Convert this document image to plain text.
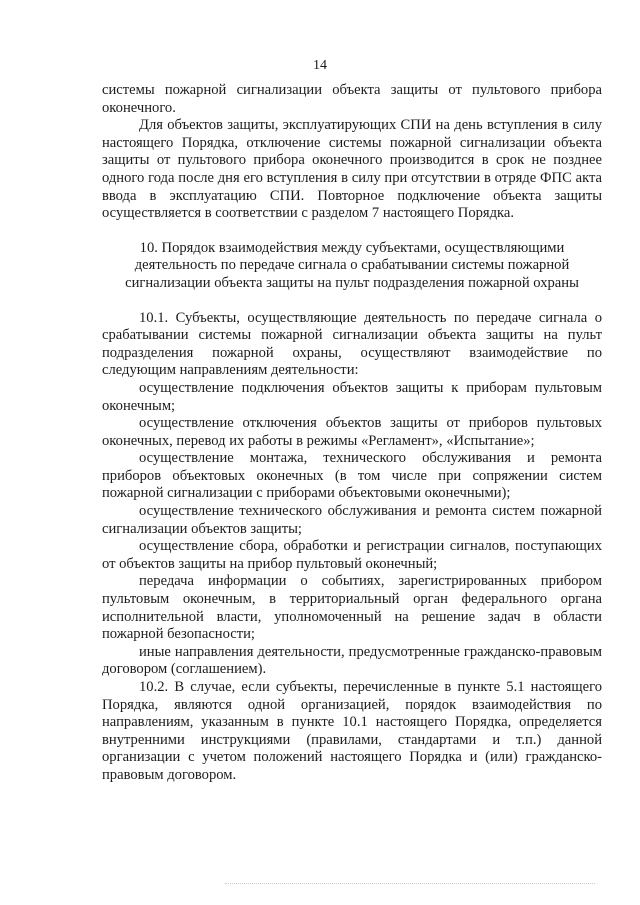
14

системы пожарной сигнализации объекта защиты от пультового прибора оконечного.

Для объектов защиты, эксплуатирующих СПИ на день вступления в силу настоящего Порядка, отключение системы пожарной сигнализации объекта защиты от пультового прибора оконечного производится в срок не позднее одного года после дня его вступления в силу при отсутствии в отряде ФПС акта ввода в эксплуатацию СПИ. Повторное подключение объекта защиты осуществляется в соответствии с разделом 7 настоящего Порядка.

10. Порядок взаимодействия между субъектами, осуществляющими деятельность по передаче сигнала о срабатывании системы пожарной сигнализации объекта защиты на пульт подразделения пожарной охраны

10.1. Субъекты, осуществляющие деятельность по передаче сигнала о срабатывании системы пожарной сигнализации объекта защиты на пульт подразделения пожарной охраны, осуществляют взаимодействие по следующим направлениям деятельности:

осуществление подключения объектов защиты к приборам пультовым оконечным;

осуществление отключения объектов защиты от приборов пультовых оконечных, перевод их работы в режимы «Регламент», «Испытание»;

осуществление монтажа, технического обслуживания и ремонта приборов объектовых оконечных (в том числе при сопряжении систем пожарной сигнализации с приборами объектовыми оконечными);

осуществление технического обслуживания и ремонта систем пожарной сигнализации объектов защиты;

осуществление сбора, обработки и регистрации сигналов, поступающих от объектов защиты на прибор пультовый оконечный;

передача информации о событиях, зарегистрированных прибором пультовым оконечным, в территориальный орган федерального органа исполнительной власти, уполномоченный на решение задач в области пожарной безопасности;

иные направления деятельности, предусмотренные гражданско-правовым договором (соглашением).

10.2. В случае, если субъекты, перечисленные в пункте 5.1 настоящего Порядка, являются одной организацией, порядок взаимодействия по направлениям, указанным в пункте 10.1 настоящего Порядка, определяется внутренними инструкциями (правилами, стандартами и т.п.) данной организации с учетом положений настоящего Порядка и (или) гражданско-правовым договором.
